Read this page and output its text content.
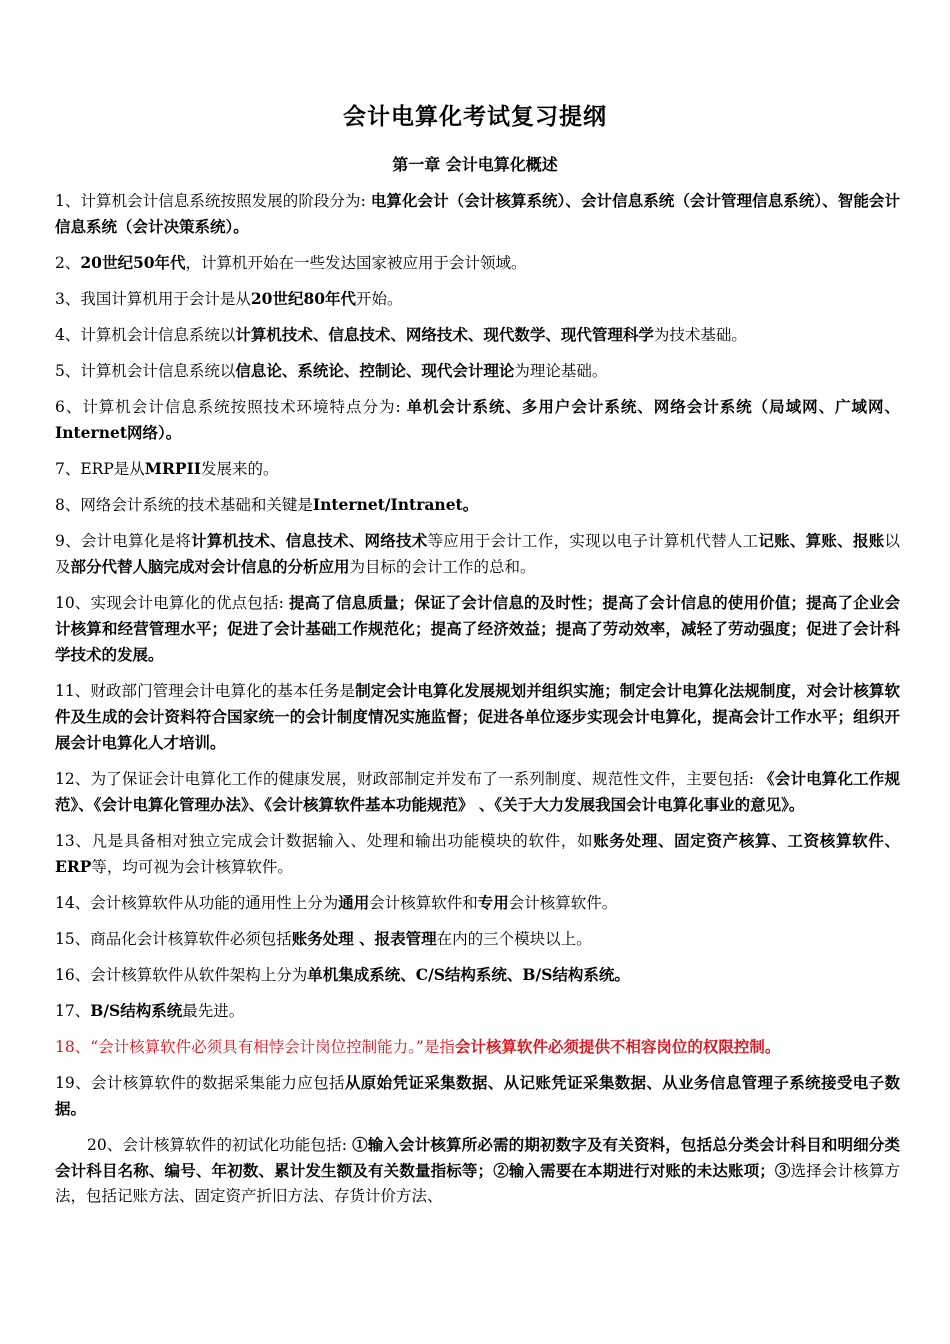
会计电算化考试复习提纲
第一章 会计电算化概述

1、计算机会计信息系统按照发展的阶段分为: 电算化会计（会计核算系统）、会计信息系统（会计管理信息系统）、智能会计信息系统（会计决策系统）。

2、20世纪50年代，计算机开始在一些发达国家被应用于会计领域。

3、我国计算机用于会计是从20世纪80年代开始。

4、计算机会计信息系统以计算机技术、信息技术、网络技术、现代数学、现代管理科学为技术基础。

5、计算机会计信息系统以信息论、系统论、控制论、现代会计理论为理论基础。

6、计算机会计信息系统按照技术环境特点分为: 单机会计系统、多用户会计系统、网络会计系统（局域网、广域网、Internet网络）。

7、ERP是从MRPII发展来的。

8、网络会计系统的技术基础和关键是Internet/Intranet。

9、会计电算化是将计算机技术、信息技术、网络技术等应用于会计工作，实现以电子计算机代替人工记账、算账、报账以及部分代替人脑完成对会计信息的分析应用为目标的会计工作的总和。

10、实现会计电算化的优点包括: 提高了信息质量；保证了会计信息的及时性；提高了会计信息的使用价值；提高了企业会计核算和经营管理水平；促进了会计基础工作规范化；提高了经济效益；提高了劳动效率，减轻了劳动强度；促进了会计科学技术的发展。

11、财政部门管理会计电算化的基本任务是制定会计电算化发展规划并组织实施；制定会计电算化法规制度，对会计核算软件及生成的会计资料符合国家统一的会计制度情况实施监督；促进各单位逐步实现会计电算化，提高会计工作水平；组织开展会计电算化人才培训。

12、为了保证会计电算化工作的健康发展，财政部制定并发布了一系列制度、规范性文件，主要包括: 《会计电算化工作规范》、《会计电算化管理办法》、《会计核算软件基本功能规范》 、《关于大力发展我国会计电算化事业的意见》。

13、凡是具备相对独立完成会计数据输入、处理和输出功能模块的软件，如账务处理、固定资产核算、工资核算软件、ERP等，均可视为会计核算软件。

14、会计核算软件从功能的通用性上分为通用会计核算软件和专用会计核算软件。

15、商品化会计核算软件必须包括账务处理 、报表管理在内的三个模块以上。

16、会计核算软件从软件架构上分为单机集成系统、C/S结构系统、B/S结构系统。

17、B/S结构系统最先进。

18、“会计核算软件必须具有相悖会计岗位控制能力。”是指会计核算软件必须提供不相容岗位的权限控制。

19、会计核算软件的数据采集能力应包括从原始凭证采集数据、从记账凭证采集数据、从业务信息管理子系统接受电子数据。

20、会计核算软件的初试化功能包括: ①输入会计核算所必需的期初数字及有关资料，包括总分类会计科目和明细分类会计科目名称、编号、年初数、累计发生额及有关数量指标等；②输入需要在本期进行对账的未达账项；③选择会计核算方法，包括记账方法、固定资产折旧方法、存货计价方法、
